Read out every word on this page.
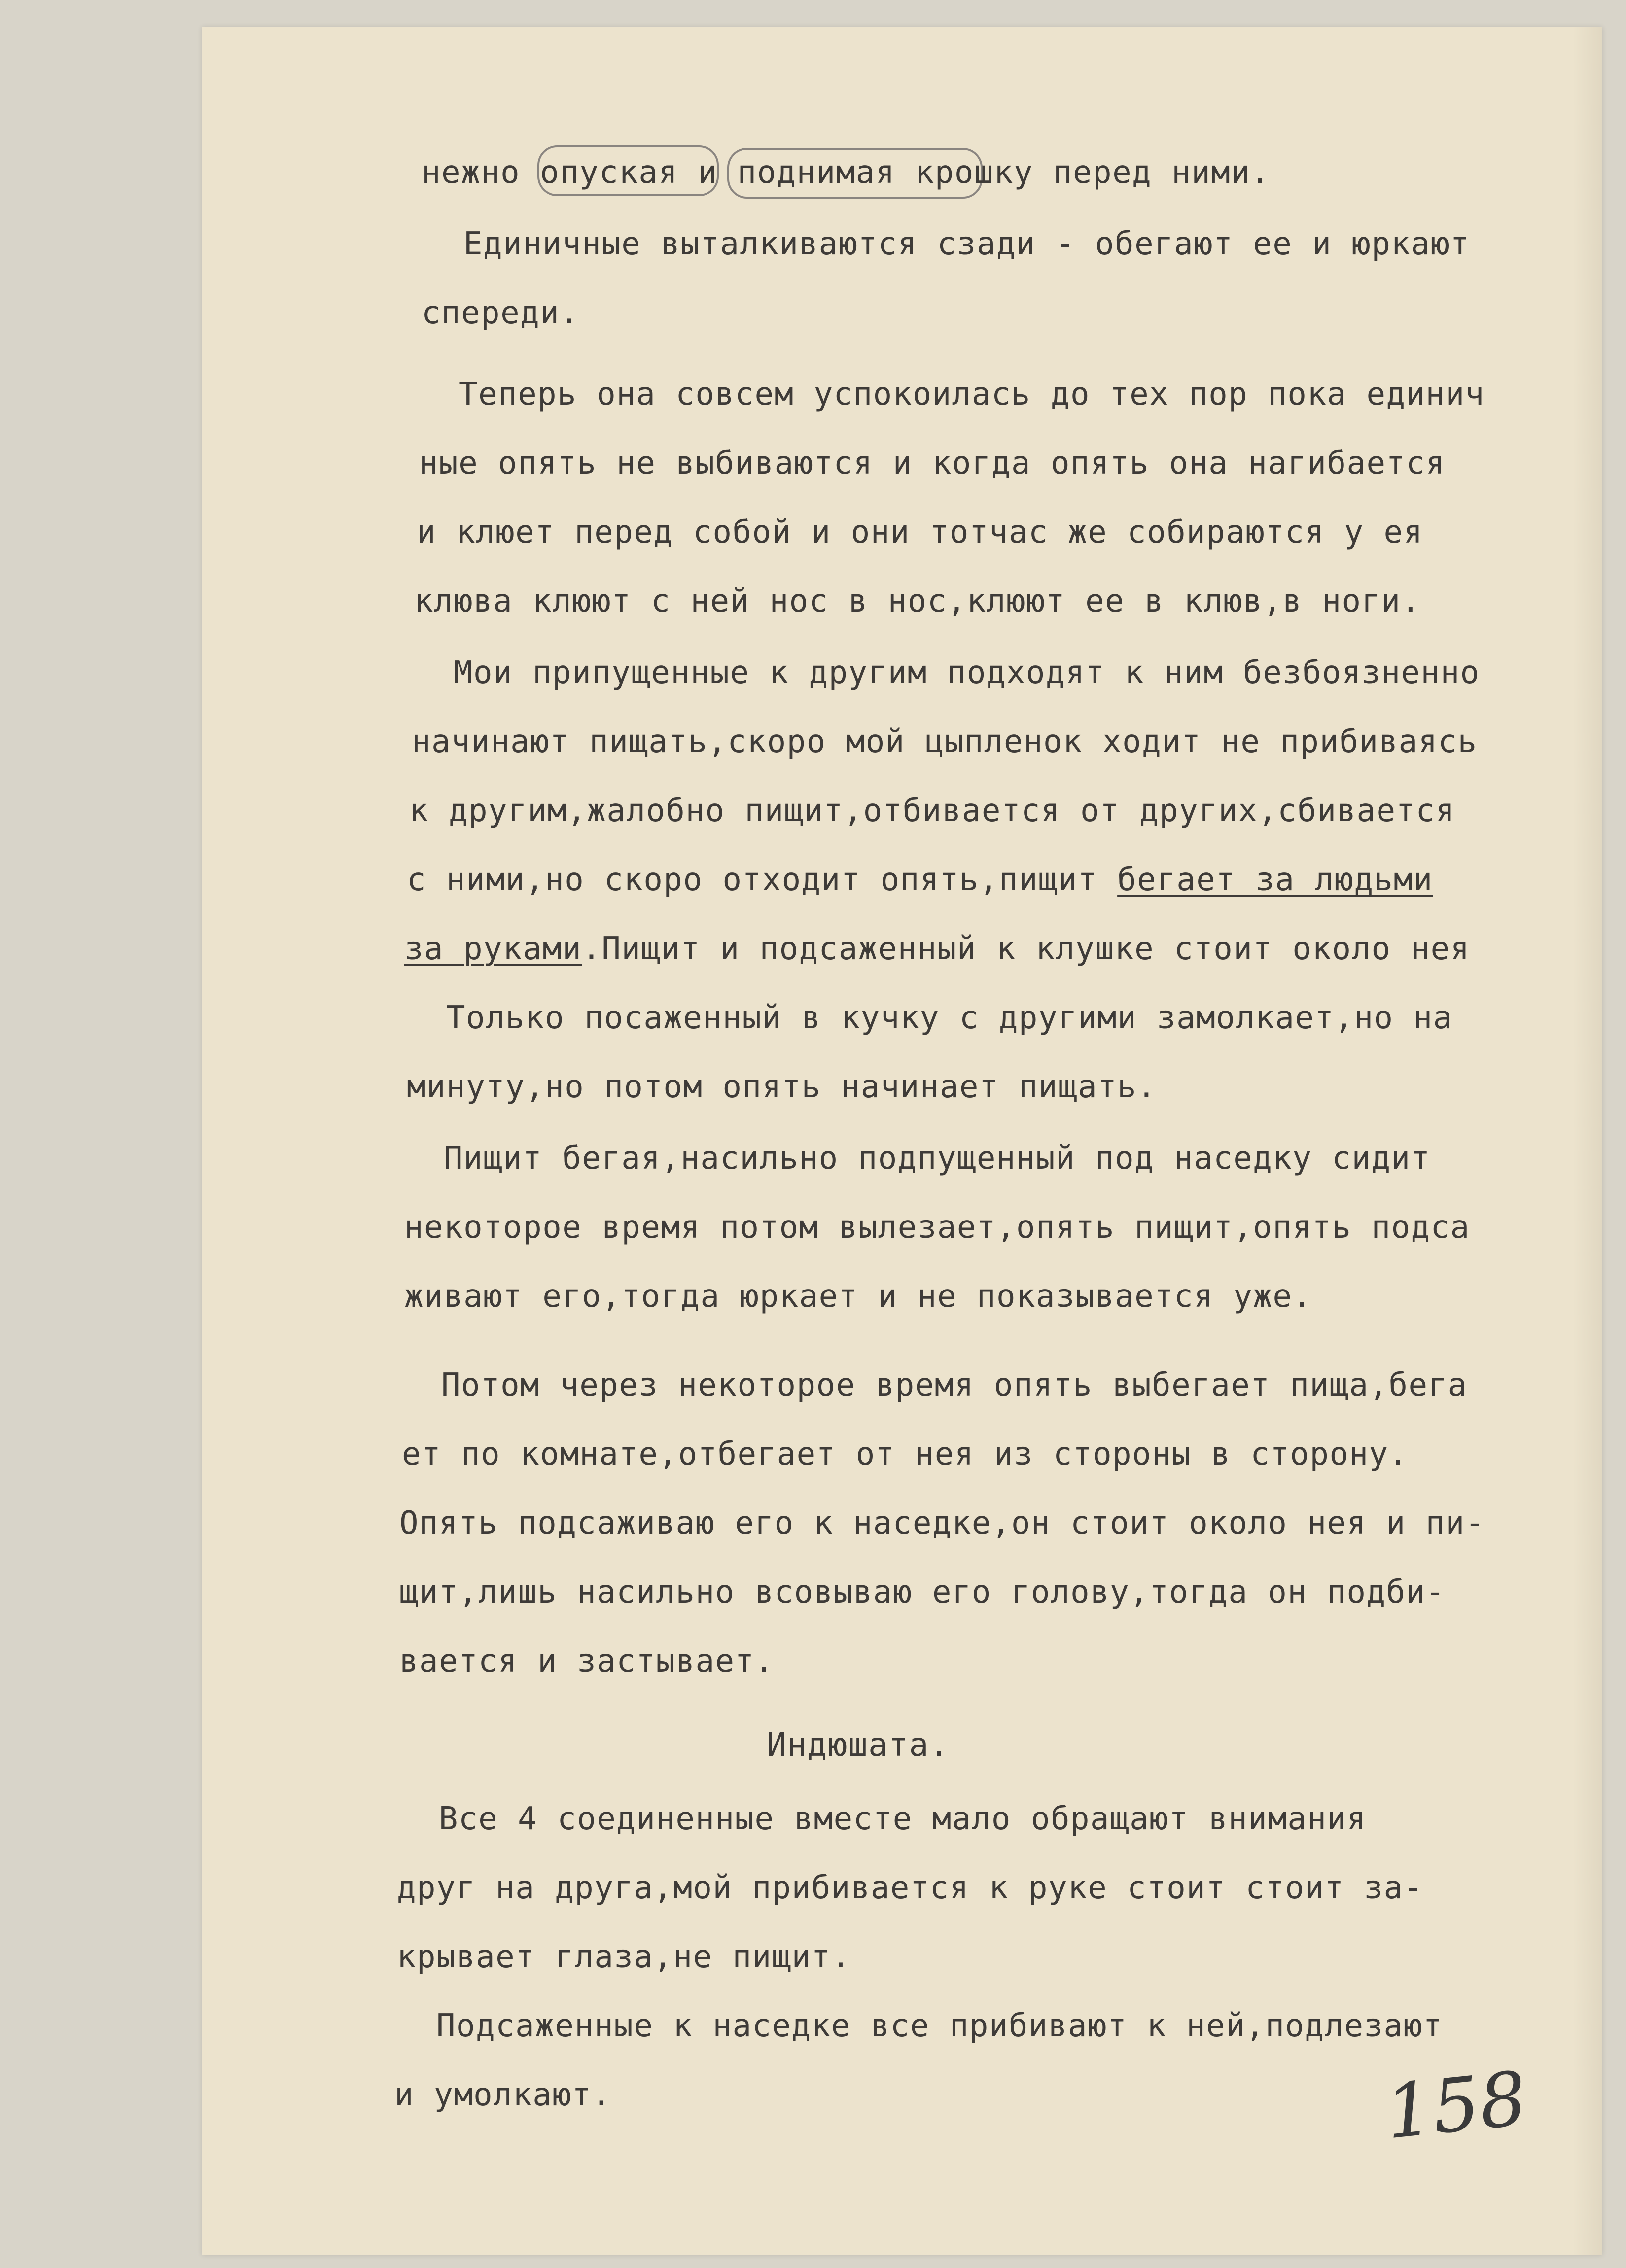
нежно опуская и поднимая крошку перед ними.
Единичные выталкиваются сзади - обегают ее и юркают
спереди.
Теперь она совсем успокоилась до тех пор пока единич
ные опять не выбиваются и когда опять она нагибается
и клюет перед собой и они тотчас же собираются у ея
клюва клюют с ней нос в нос,клюют ее в клюв,в ноги.
Мои припущенные к другим подходят к ним безбоязненно
начинают пищать,скоро мой цыпленок ходит не прибиваясь
к другим,жалобно пищит,отбивается от других,сбивается
с ними,но скоро отходит опять,пищит бегает за людьми
за руками.Пищит и подсаженный к клушке стоит около нея
Только посаженный в кучку с другими замолкает,но на
минуту,но потом опять начинает пищать.
Пищит бегая,насильно подпущенный под наседку сидит
некоторое время потом вылезает,опять пищит,опять подса
живают его,тогда юркает и не показывается уже.
Потом через некоторое время опять выбегает пища,бега
ет по комнате,отбегает от нея из стороны в сторону.
Опять подсаживаю его к наседке,он стоит около нея и пи-
щит,лишь насильно всовываю его голову,тогда он подби-
вается и застывает.
Индюшата.
Все 4 соединенные вместе мало обращают внимания
друг на друга,мой прибивается к руке стоит стоит за-
крывает глаза,не пищит.
Подсаженные к наседке все прибивают к ней,подлезают
и умолкают.	158
